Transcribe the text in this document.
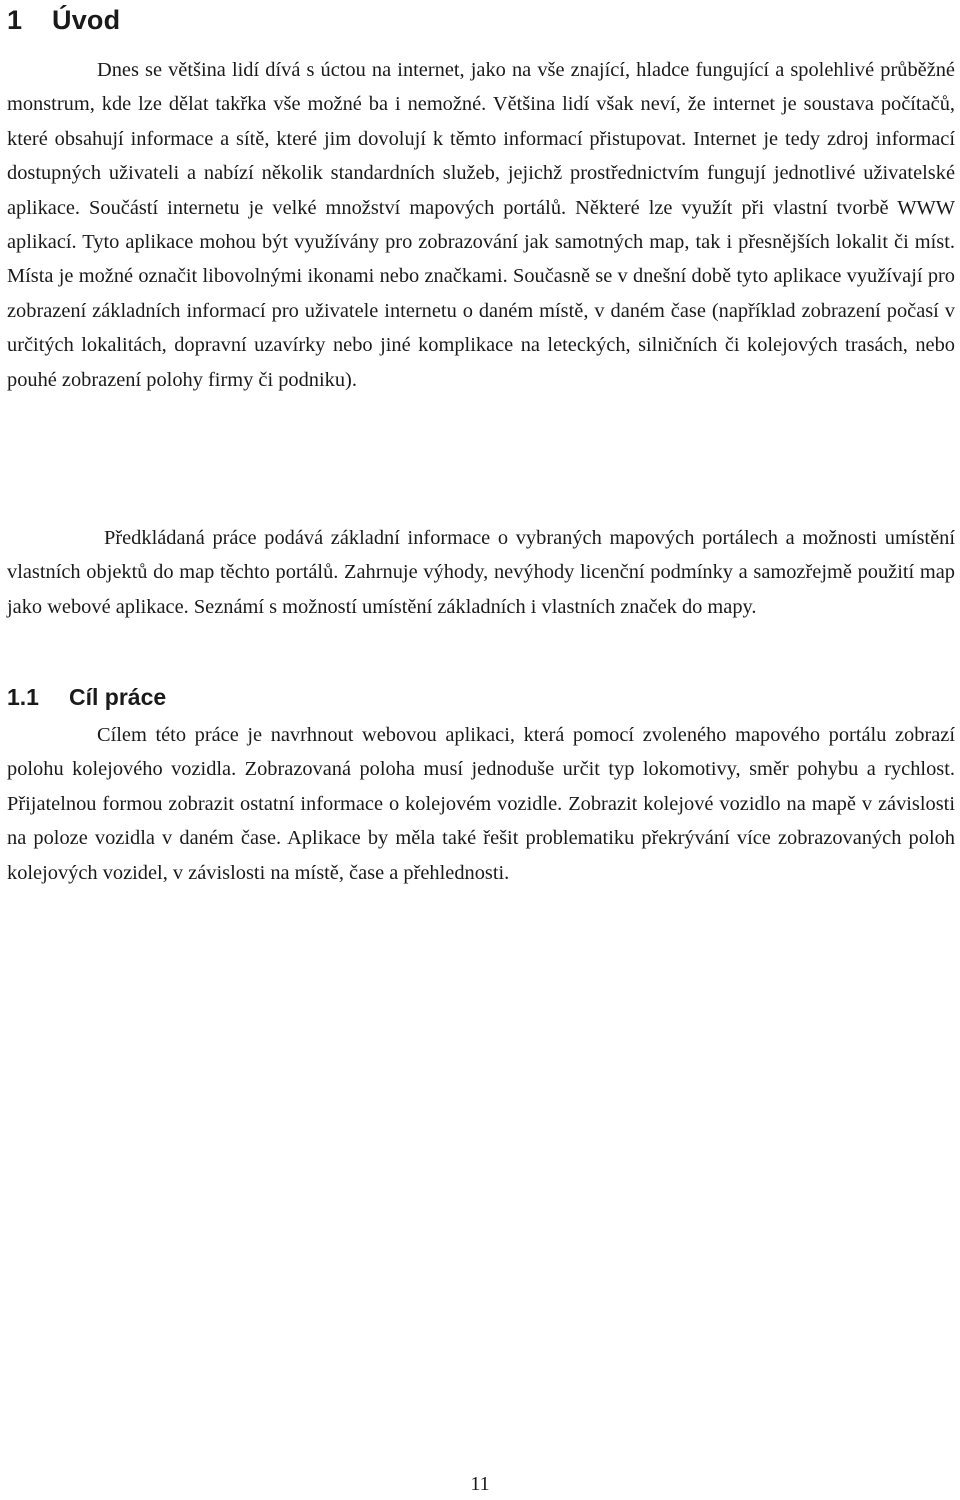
1 Úvod

Dnes se většina lidí dívá s úctou na internet, jako na vše znající, hladce fungující a spolehlivé průběžné monstrum, kde lze dělat takřka vše možné ba i nemožné. Většina lidí však neví, že internet je soustava počítačů, které obsahují informace a sítě, které jim dovolují k těmto informací přistupovat. Internet je tedy zdroj informací dostupných uživateli a nabízí několik standardních služeb, jejichž prostřednictvím fungují jednotlivé uživatelské aplikace. Součástí internetu je velké množství mapových portálů. Některé lze využít při vlastní tvorbě WWW aplikací. Tyto aplikace mohou být využívány pro zobrazování jak samotných map, tak i přesnějších lokalit či míst. Místa je možné označit libovolnými ikonami nebo značkami. Současně se v dnešní době tyto aplikace využívají pro zobrazení základních informací pro uživatele internetu o daném místě, v daném čase (například zobrazení počasí v určitých lokalitách, dopravní uzavírky nebo jiné komplikace na leteckých, silničních či kolejových trasách, nebo pouhé zobrazení polohy firmy či podniku).

Předkládaná práce podává základní informace o vybraných mapových portálech a možnosti umístění vlastních objektů do map těchto portálů. Zahrnuje výhody, nevýhody licenční podmínky a samozřejmě použití map jako webové aplikace. Seznámí s možností umístění základních i vlastních značek do mapy.

1.1 Cíl práce

Cílem této práce je navrhnout webovou aplikaci, která pomocí zvoleného mapového portálu zobrazí polohu kolejového vozidla. Zobrazovaná poloha musí jednoduše určit typ lokomotivy, směr pohybu a rychlost. Přijatelnou formou zobrazit ostatní informace o kolejovém vozidle. Zobrazit kolejové vozidlo na mapě v závislosti na poloze vozidla v daném čase. Aplikace by měla také řešit problematiku překrývání více zobrazovaných poloh kolejových vozidel, v závislosti na místě, čase a přehlednosti.

11
